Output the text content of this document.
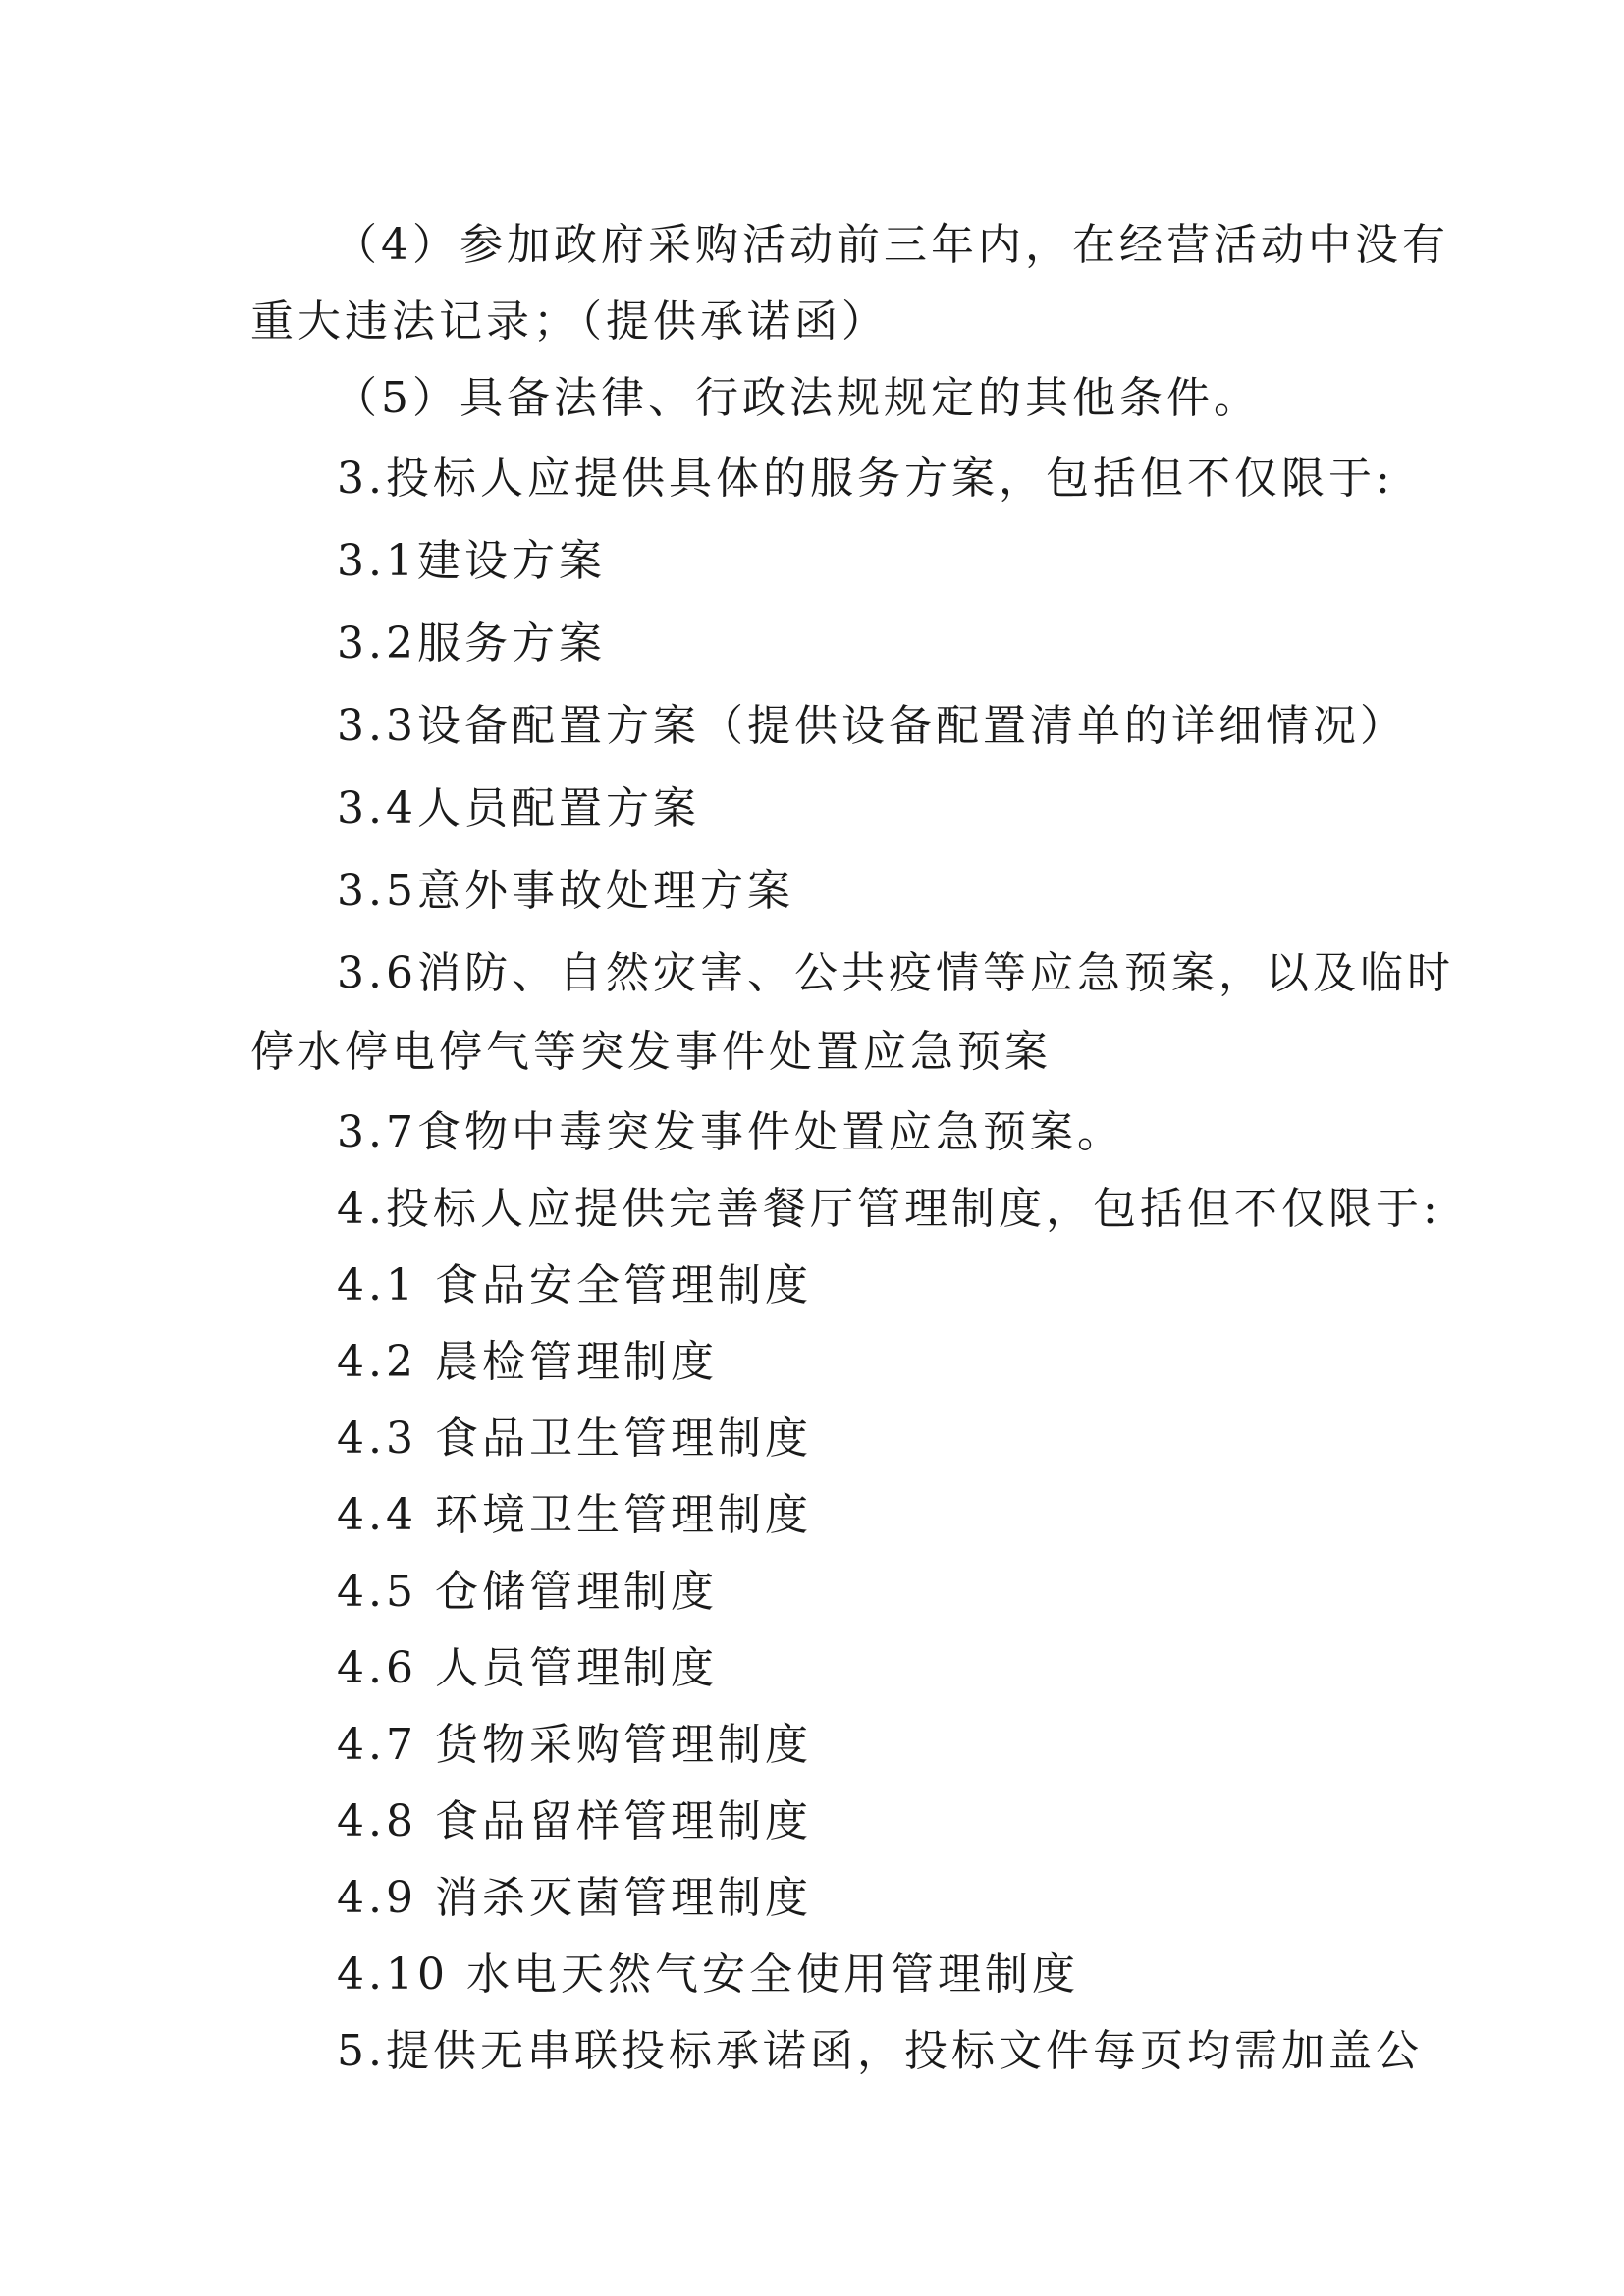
（4）参加政府采购活动前三年内，在经营活动中没有
重大违法记录；（提供承诺函）
（5）具备法律、行政法规规定的其他条件。
3.投标人应提供具体的服务方案，包括但不仅限于:
3.1建设方案
3.2服务方案
3.3设备配置方案（提供设备配置清单的详细情况）
3.4人员配置方案
3.5意外事故处理方案
3.6消防、自然灾害、公共疫情等应急预案，以及临时
停水停电停气等突发事件处置应急预案
3.7食物中毒突发事件处置应急预案。
4.投标人应提供完善餐厅管理制度，包括但不仅限于:
4.1 食品安全管理制度
4.2 晨检管理制度
4.3 食品卫生管理制度
4.4 环境卫生管理制度
4.5 仓储管理制度
4.6 人员管理制度
4.7 货物采购管理制度
4.8 食品留样管理制度
4.9 消杀灭菌管理制度
4.10 水电天然气安全使用管理制度
5.提供无串联投标承诺函，投标文件每页均需加盖公
